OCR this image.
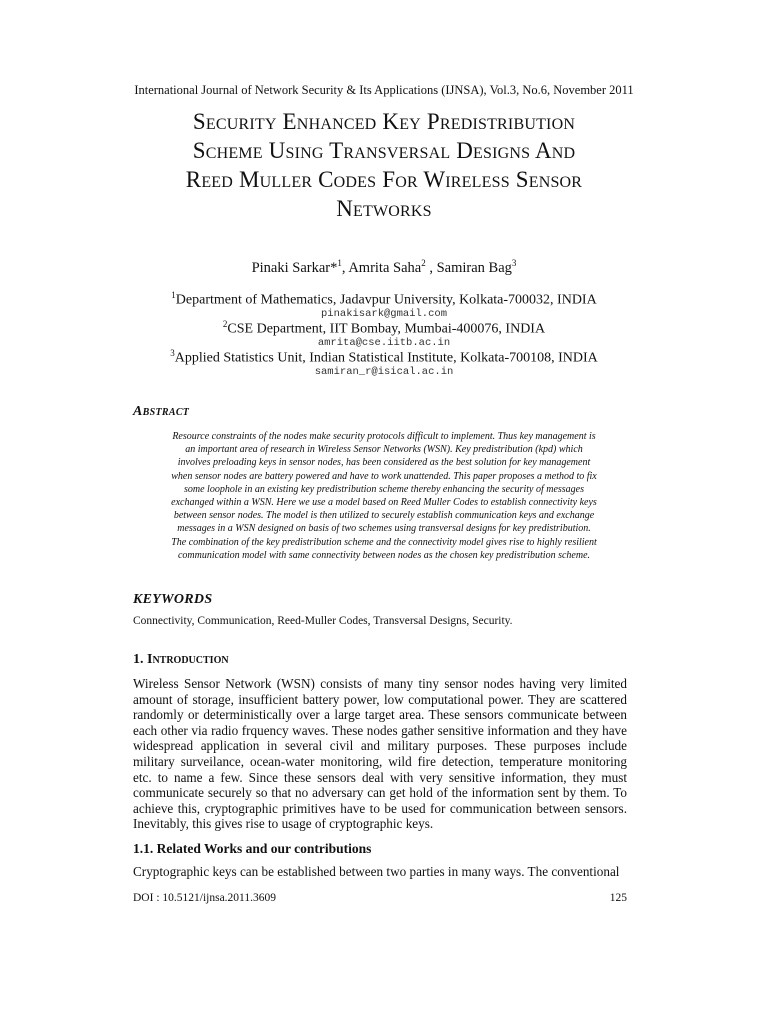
International Journal of Network Security & Its Applications (IJNSA), Vol.3, No.6, November 2011
Security Enhanced Key Predistribution
Scheme Using Transversal Designs And
Reed Muller Codes For Wireless Sensor
Networks
Pinaki Sarkar*$^1$, Amrita Saha$^2$ , Samiran Bag$^3$
$^1$Department of Mathematics, Jadavpur University, Kolkata-700032, INDIA
pinakisark@gmail.com
$^2$CSE Department, IIT Bombay, Mumbai-400076, INDIA
amrita@cse.iitb.ac.in
$^3$Applied Statistics Unit, Indian Statistical Institute, Kolkata-700108, INDIA
samiran_r@isical.ac.in
Abstract
Resource constraints of the nodes make security protocols difficult to implement. Thus key management is
an important area of research in Wireless Sensor Networks (WSN). Key predistribution (kpd) which
involves preloading keys in sensor nodes, has been considered as the best solution for key management
when sensor nodes are battery powered and have to work unattended. This paper proposes a method to fix
some loophole in an existing key predistribution scheme thereby enhancing the security of messages
exchanged within a WSN. Here we use a model based on Reed Muller Codes to establish connectivity keys
between sensor nodes. The model is then utilized to securely establish communication keys and exchange
messages in a WSN designed on basis of two schemes using transversal designs for key predistribution.
The combination of the key predistribution scheme and the connectivity model gives rise to highly resilient
communication model with same connectivity between nodes as the chosen key predistribution scheme.
KEYWORDS
Connectivity, Communication, Reed-Muller Codes, Transversal Designs, Security.
1. Introduction
Wireless Sensor Network (WSN) consists of many tiny sensor nodes having very limited amount of storage, insufficient battery power, low computational power. They are scattered randomly or deterministically over a large target area. These sensors communicate between each other via radio frquency waves. These nodes gather sensitive information and they have widespread application in several civil and military purposes. These purposes include military surveilance, ocean-water monitoring, wild fire detection, temperature monitoring etc. to name a few. Since these sensors deal with very sensitive information, they must communicate securely so that no adversary can get hold of the information sent by them. To achieve this, cryptographic primitives have to be used for communication between sensors. Inevitably, this gives rise to usage of cryptographic keys.
1.1. Related Works and our contributions
Cryptographic keys can be established between two parties in many ways. The conventional
DOI : 10.5121/ijnsa.2011.3609	125
